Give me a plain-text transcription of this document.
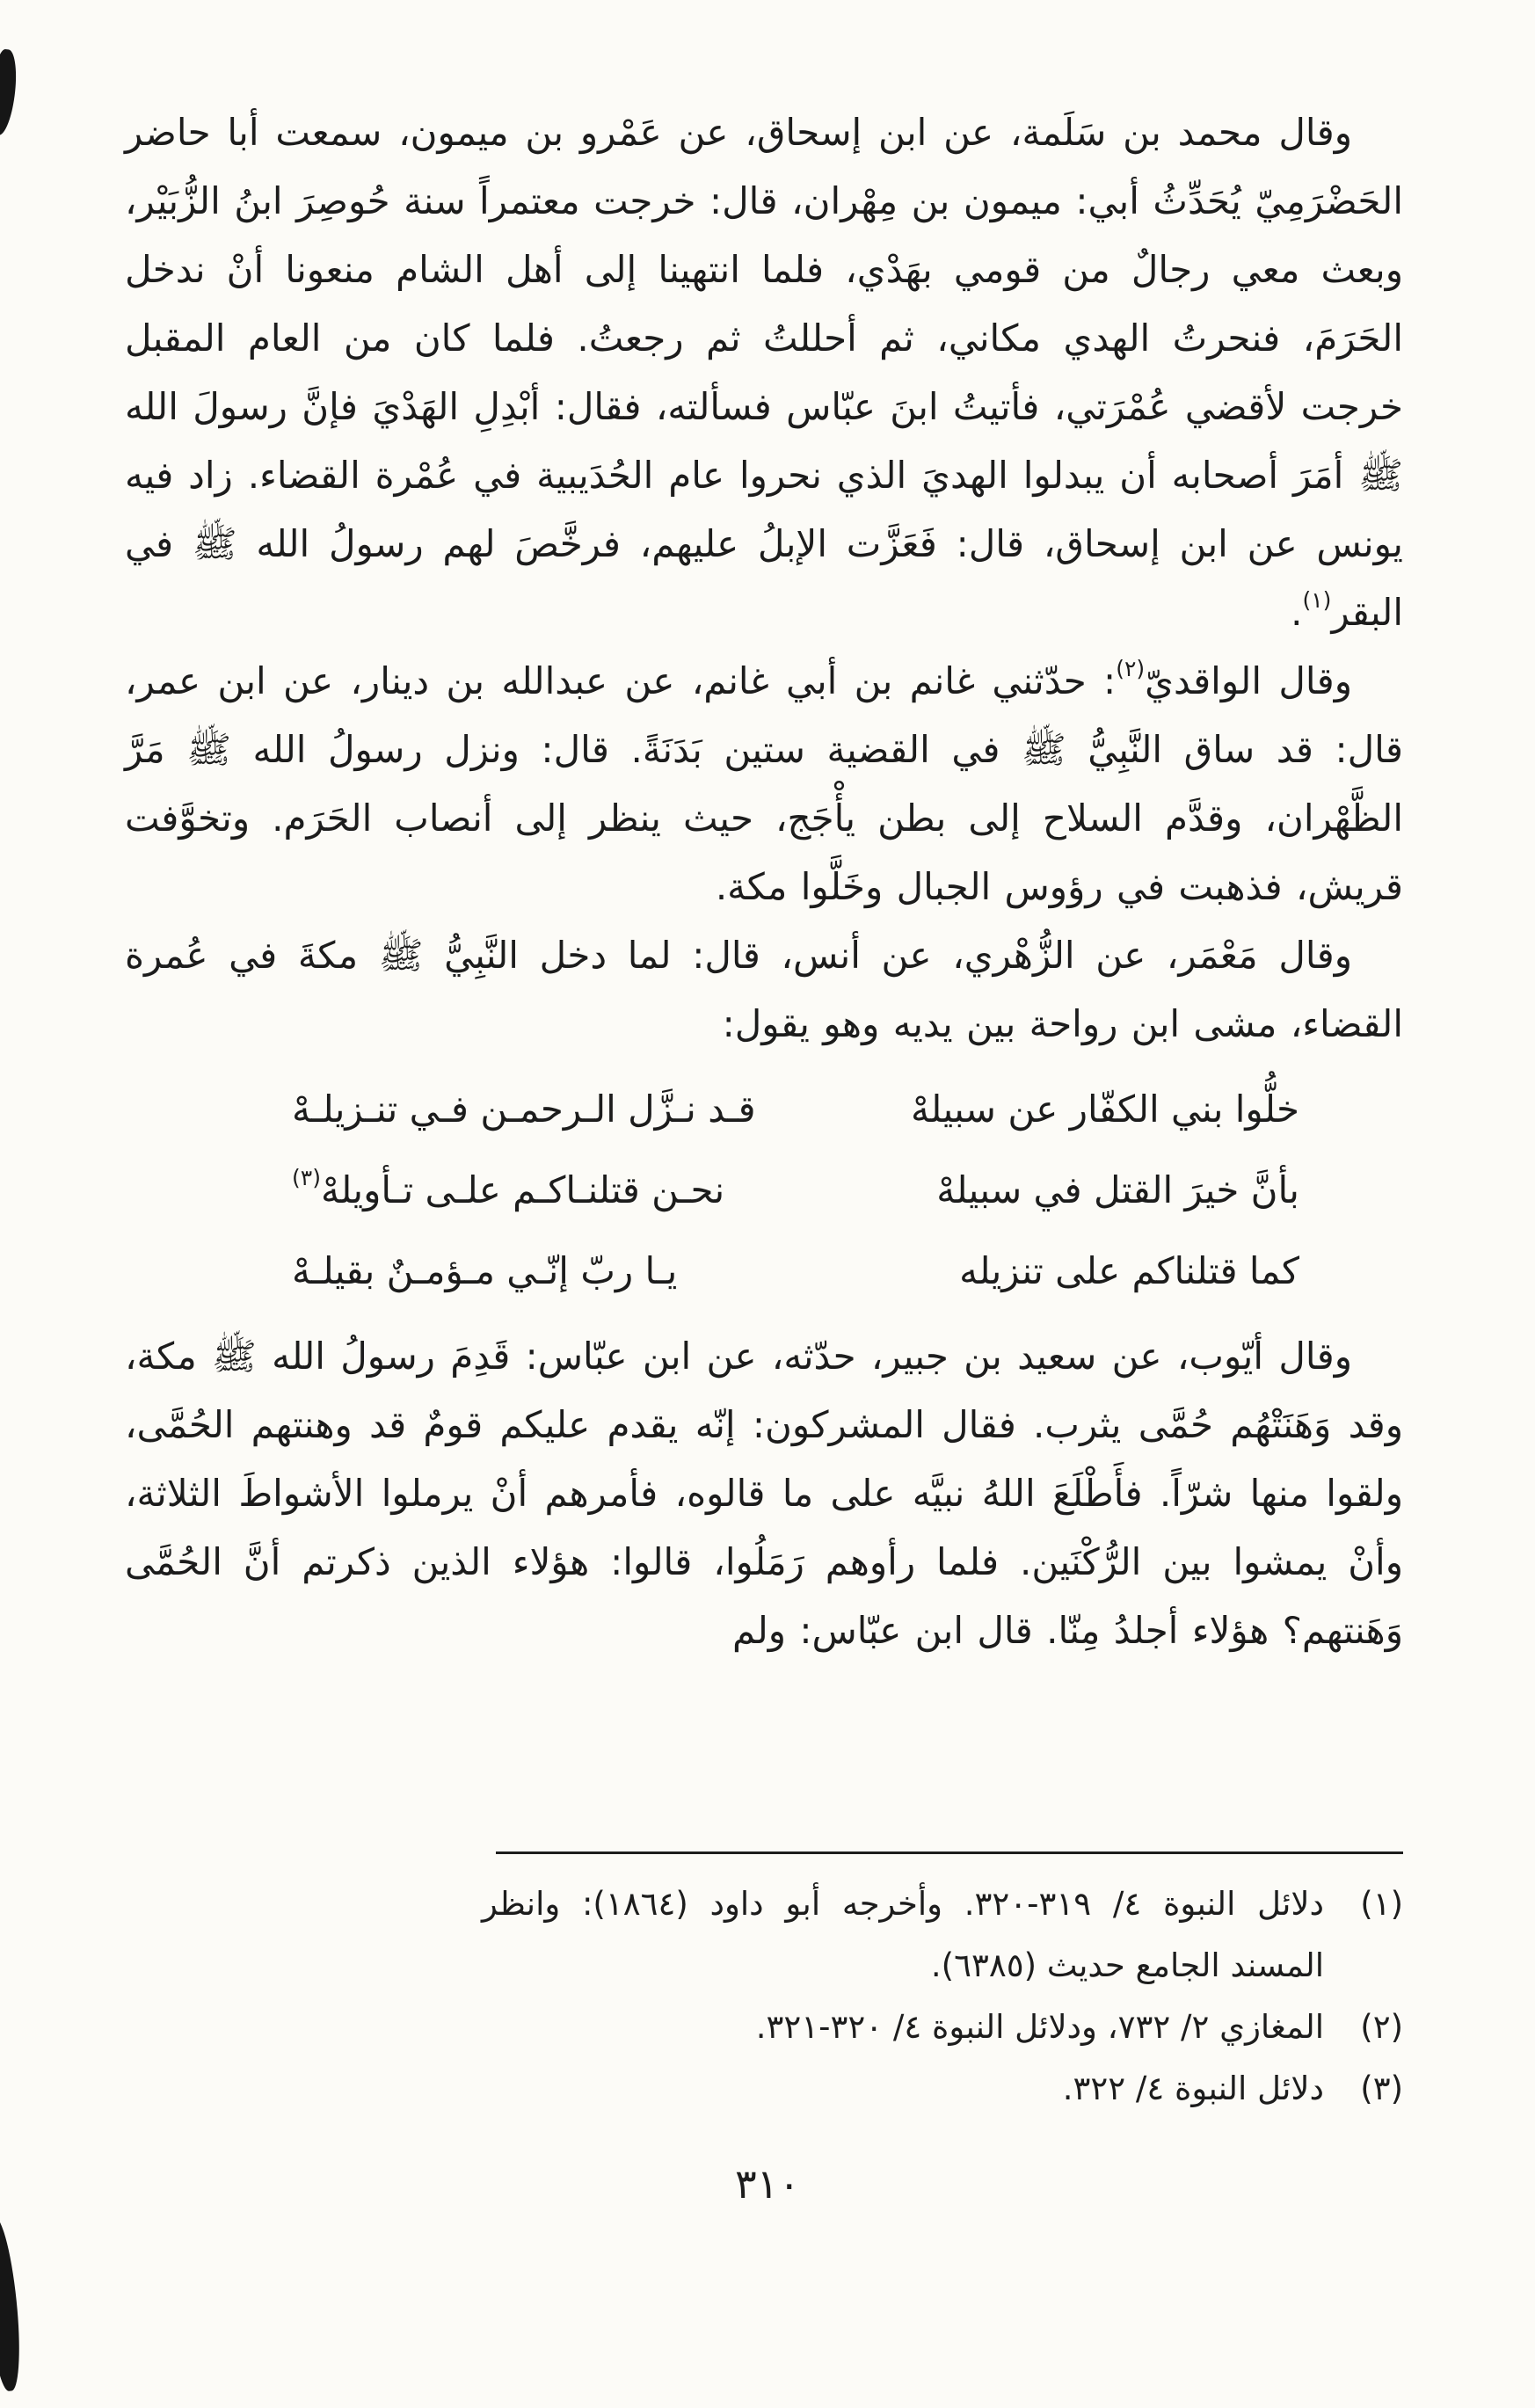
وقال محمد بن سَلَمة، عن ابن إسحاق، عن عَمْرو بن ميمون، سمعت أبا حاضر الحَضْرَمِيّ يُحَدِّثُ أبي: ميمون بن مِهْران، قال: خرجت معتمراً سنة حُوصِرَ ابنُ الزُّبَيْر، وبعث معي رجالٌ من قومي بهَدْي، فلما انتهينا إلى أهل الشام منعونا أنْ ندخل الحَرَمَ، فنحرتُ الهدي مكاني، ثم أحللتُ ثم رجعتُ. فلما كان من العام المقبل خرجت لأقضي عُمْرَتي، فأتيتُ ابنَ عبّاس فسألته، فقال: أبْدِلِ الهَدْيَ فإنَّ رسولَ الله ﷺ أمَرَ أصحابه أن يبدلوا الهديَ الذي نحروا عام الحُدَيبية في عُمْرة القضاء. زاد فيه يونس عن ابن إسحاق، قال: فَعَزَّت الإبلُ عليهم، فرخَّصَ لهم رسولُ الله ﷺ في البقر$^{(١)}$.

وقال الواقديّ$^{(٢)}$: حدّثني غانم بن أبي غانم، عن عبدالله بن دينار، عن ابن عمر، قال: قد ساق النَّبِيُّ ﷺ في القضية ستين بَدَنَةً. قال: ونزل رسولُ الله ﷺ مَرَّ الظَّهْران، وقدَّم السلاح إلى بطن يأْجَج، حيث ينظر إلى أنصاب الحَرَم. وتخوَّفت قريش، فذهبت في رؤوس الجبال وخَلَّوا مكة.

وقال مَعْمَر، عن الزُّهْري، عن أنس، قال: لما دخل النَّبِيُّ ﷺ مكةَ في عُمرة القضاء، مشى ابن رواحة بين يديه وهو يقول:

خلُّوا بني الكفّار عن سبيلهْ
قـد نـزَّل الـرحمـن فـي تنـزيلـهْ
بأنَّ خيرَ القتل في سبيلهْ
نحـن قتلنـاكـم علـى تـأويلهْ$^{(٣)}$
كما قتلناكم على تنزيله
يـا ربّ إنّـي مـؤمـنٌ بقيلـهْ

وقال أيّوب، عن سعيد بن جبير، حدّثه، عن ابن عبّاس: قَدِمَ رسولُ الله ﷺ مكة، وقد وَهَنَتْهُم حُمَّى يثرب. فقال المشركون: إنّه يقدم عليكم قومٌ قد وهنتهم الحُمَّى، ولقوا منها شرّاً. فأَطْلَعَ اللهُ نبيَّه على ما قالوه، فأمرهم أنْ يرملوا الأشواطَ الثلاثة، وأنْ يمشوا بين الرُّكْنَين. فلما رأوهم رَمَلُوا، قالوا: هؤلاء الذين ذكرتم أنَّ الحُمَّى وَهَنتهم؟ هؤلاء أجلدُ مِنّا. قال ابن عبّاس: ولم

(١)
دلائل النبوة ٤/ ٣١٩-٣٢٠. وأخرجه أبو داود (١٨٦٤): وانظر المسند الجامع حديث (٦٣٨٥).
(٢)
المغازي ٢/ ٧٣٢، ودلائل النبوة ٤/ ٣٢٠-٣٢١.
(٣)
دلائل النبوة ٤/ ٣٢٢.
٣١٠
